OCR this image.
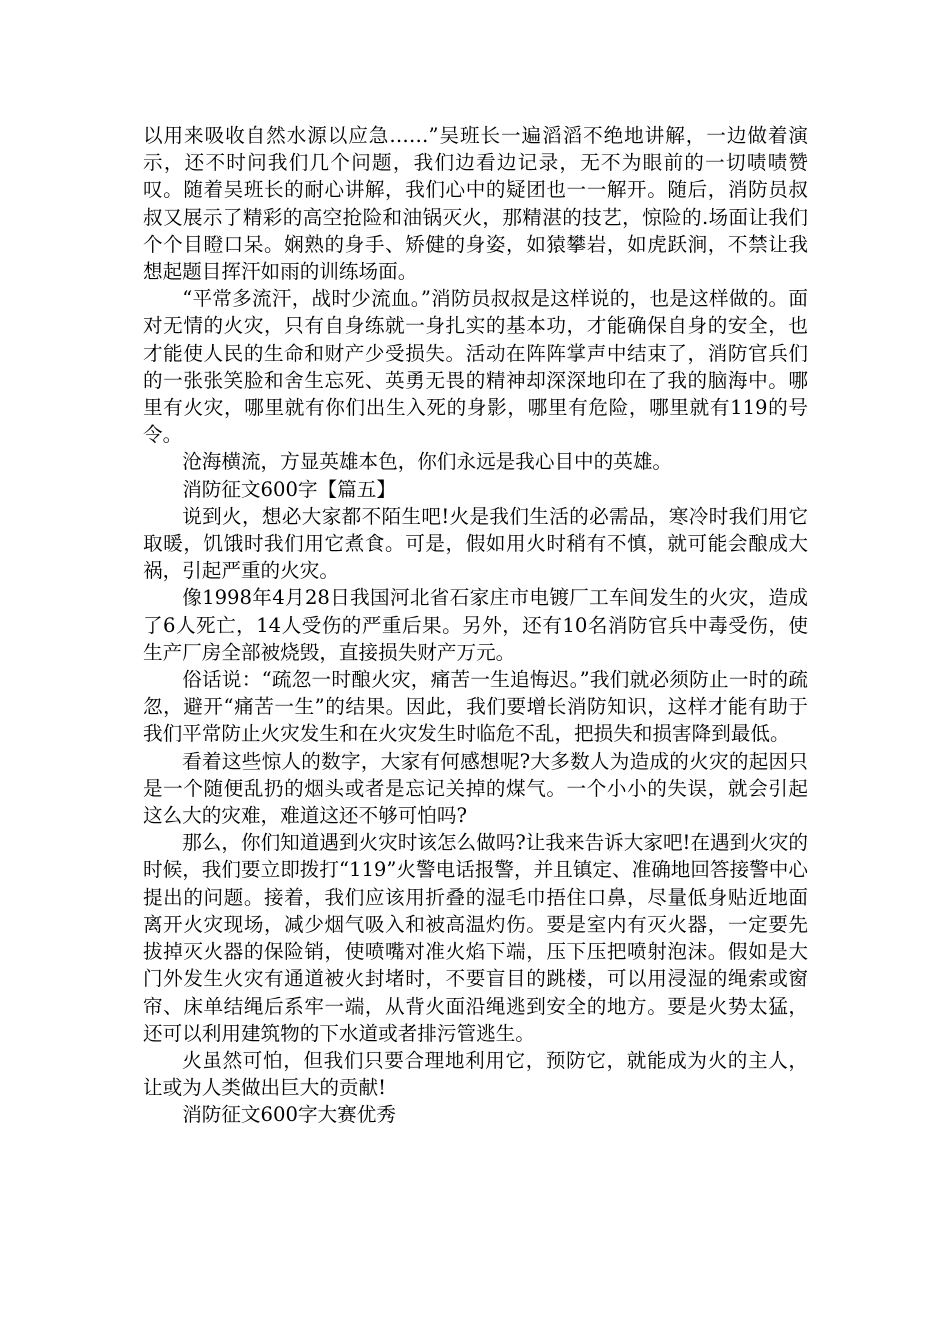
以用来吸收自然水源以应急……”吴班长一遍滔滔不绝地讲解，一边做着演示，还不时问我们几个问题，我们边看边记录，无不为眼前的一切啧啧赞叹。随着吴班长的耐心讲解，我们心中的疑团也一一解开。随后，消防员叔叔又展示了精彩的高空抢险和油锅灭火，那精湛的技艺，惊险的.场面让我们个个目瞪口呆。娴熟的身手、矫健的身姿，如猿攀岩，如虎跃涧，不禁让我想起题目挥汗如雨的训练场面。

“平常多流汗，战时少流血。”消防员叔叔是这样说的，也是这样做的。面对无情的火灾，只有自身练就一身扎实的基本功，才能确保自身的安全，也才能使人民的生命和财产少受损失。活动在阵阵掌声中结束了，消防官兵们的一张张笑脸和舍生忘死、英勇无畏的精神却深深地印在了我的脑海中。哪里有火灾，哪里就有你们出生入死的身影，哪里有危险，哪里就有119的号令。

沧海横流，方显英雄本色，你们永远是我心目中的英雄。

消防征文600字【篇五】

说到火，想必大家都不陌生吧!火是我们生活的必需品，寒冷时我们用它取暖，饥饿时我们用它煮食。可是，假如用火时稍有不慎，就可能会酿成大祸，引起严重的火灾。

像1998年4月28日我国河北省石家庄市电镀厂工车间发生的火灾，造成了6人死亡，14人受伤的严重后果。另外，还有10名消防官兵中毒受伤，使生产厂房全部被烧毁，直接损失财产万元。

俗话说：“疏忽一时酿火灾，痛苦一生追悔迟。”我们就必须防止一时的疏忽，避开“痛苦一生”的结果。因此，我们要增长消防知识，这样才能有助于我们平常防止火灾发生和在火灾发生时临危不乱，把损失和损害降到最低。

看着这些惊人的数字，大家有何感想呢?大多数人为造成的火灾的起因只是一个随便乱扔的烟头或者是忘记关掉的煤气。一个小小的失误，就会引起这么大的灾难，难道这还不够可怕吗?

那么，你们知道遇到火灾时该怎么做吗?让我来告诉大家吧!在遇到火灾的时候，我们要立即拨打“119”火警电话报警，并且镇定、准确地回答接警中心提出的问题。接着，我们应该用折叠的湿毛巾捂住口鼻，尽量低身贴近地面离开火灾现场，减少烟气吸入和被高温灼伤。要是室内有灭火器，一定要先拔掉灭火器的保险销，使喷嘴对准火焰下端，压下压把喷射泡沫。假如是大门外发生火灾有通道被火封堵时，不要盲目的跳楼，可以用浸湿的绳索或窗帘、床单结绳后系牢一端，从背火面沿绳逃到安全的地方。要是火势太猛，还可以利用建筑物的下水道或者排污管逃生。

火虽然可怕，但我们只要合理地利用它，预防它，就能成为火的主人，让或为人类做出巨大的贡献!

消防征文600字大赛优秀
